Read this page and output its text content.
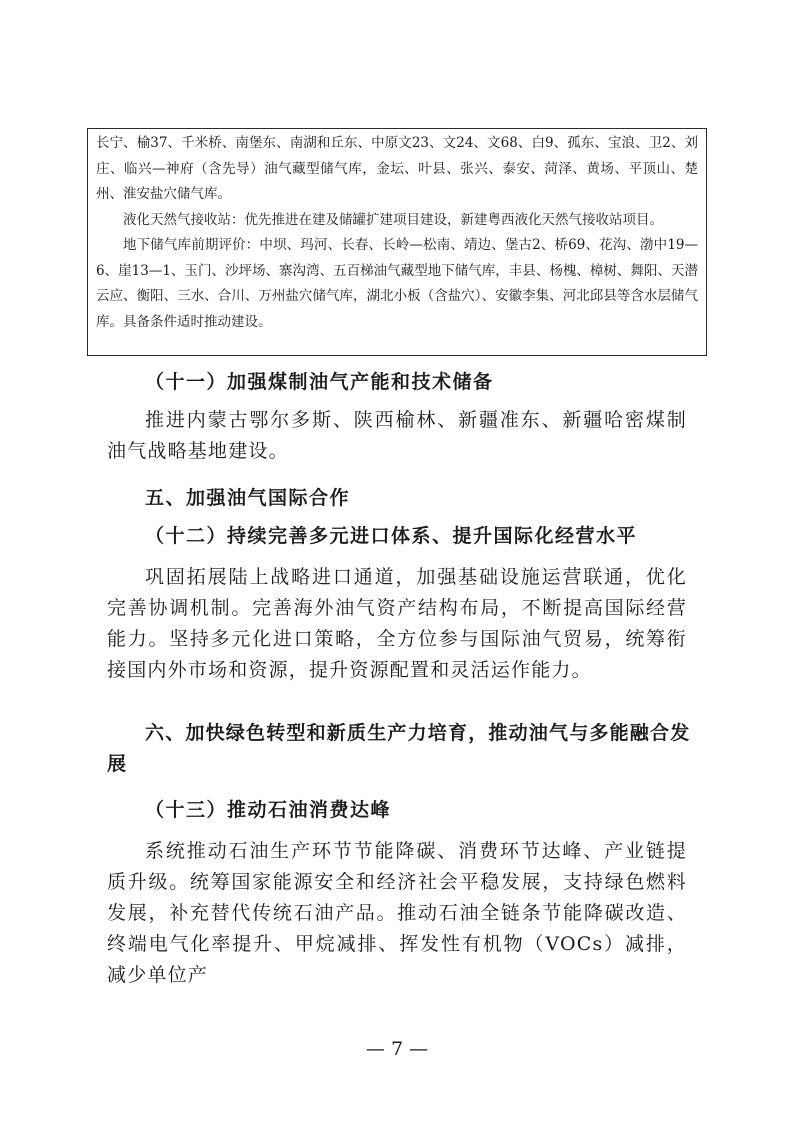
长宁、榆37、千米桥、南堡东、南湖和丘东、中原文23、文24、文68、白9、孤东、宝浪、卫2、刘庄、临兴—神府（含先导）油气藏型储气库，金坛、叶县、张兴、泰安、菏泽、黄场、平顶山、楚州、淮安盐穴储气库。

液化天然气接收站：优先推进在建及储罐扩建项目建设，新建粤西液化天然气接收站项目。

地下储气库前期评价：中坝、玛河、长春、长岭—松南、靖边、堡古2、桥69、花沟、渤中19—6、崖13—1、玉门、沙坪场、寨沟湾、五百梯油气藏型地下储气库，丰县、杨槐、樟树、舞阳、天潜云应、衡阳、三水、合川、万州盐穴储气库，湖北小板（含盐穴）、安徽李集、河北邱县等含水层储气库。具备条件适时推动建设。

（十一）加强煤制油气产能和技术储备

推进内蒙古鄂尔多斯、陕西榆林、新疆准东、新疆哈密煤制油气战略基地建设。

五、加强油气国际合作
（十二）持续完善多元进口体系、提升国际化经营水平

巩固拓展陆上战略进口通道，加强基础设施运营联通，优化完善协调机制。完善海外油气资产结构布局，不断提高国际经营能力。坚持多元化进口策略，全方位参与国际油气贸易，统筹衔接国内外市场和资源，提升资源配置和灵活运作能力。

六、加快绿色转型和新质生产力培育，推动油气与多能融合发展
（十三）推动石油消费达峰

系统推动石油生产环节节能降碳、消费环节达峰、产业链提质升级。统筹国家能源安全和经济社会平稳发展，支持绿色燃料发展，补充替代传统石油产品。推动石油全链条节能降碳改造、终端电气化率提升、甲烷减排、挥发性有机物（VOCs）减排，减少单位产

— 7 —
